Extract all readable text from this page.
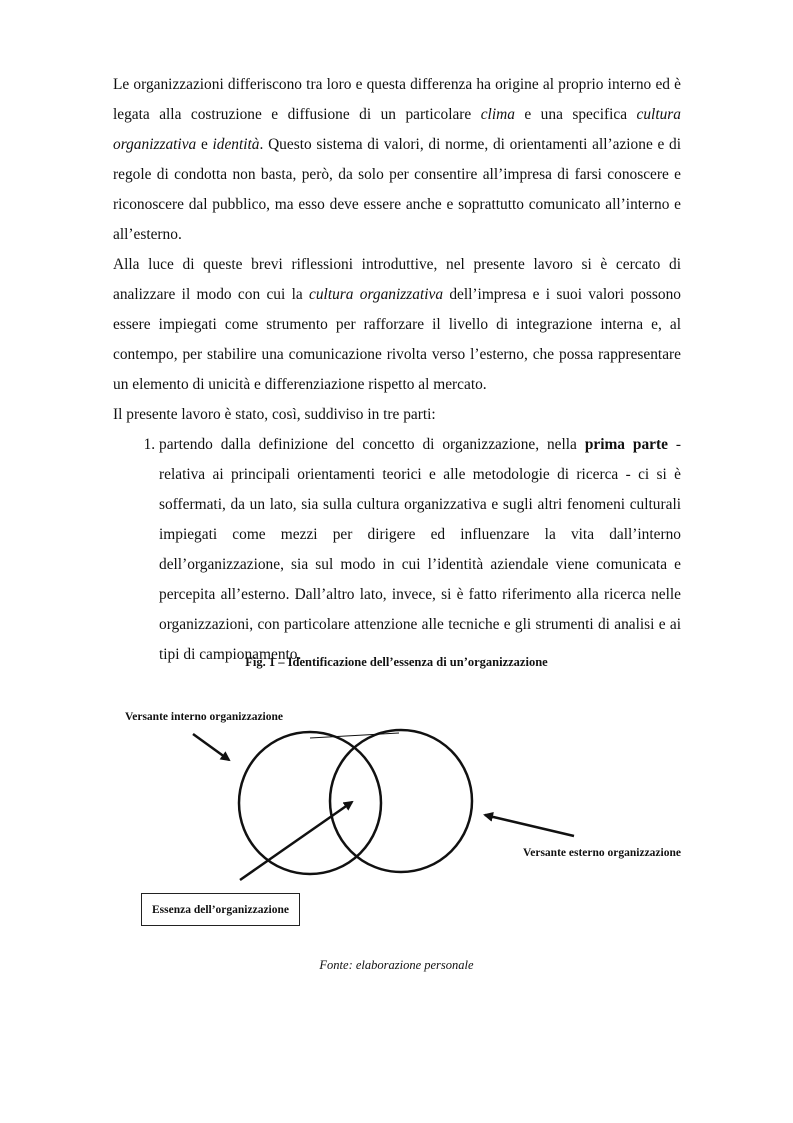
Le organizzazioni differiscono tra loro e questa differenza ha origine al proprio interno ed è legata alla costruzione e diffusione di un particolare clima e una specifica cultura organizzativa e identità. Questo sistema di valori, di norme, di orientamenti all’azione e di regole di condotta non basta, però, da solo per consentire all’impresa di farsi conoscere e riconoscere dal pubblico, ma esso deve essere anche e soprattutto comunicato all’interno e all’esterno.

Alla luce di queste brevi riflessioni introduttive, nel presente lavoro si è cercato di analizzare il modo con cui la cultura organizzativa dell’impresa e i suoi valori possono essere impiegati come strumento per rafforzare il livello di integrazione interna e, al contempo, per stabilire una comunicazione rivolta verso l’esterno, che possa rappresentare un elemento di unicità e differenziazione rispetto al mercato.

Il presente lavoro è stato, così, suddiviso in tre parti:

1. partendo dalla definizione del concetto di organizzazione, nella prima parte - relativa ai principali orientamenti teorici e alle metodologie di ricerca - ci si è soffermati, da un lato, sia sulla cultura organizzativa e sugli altri fenomeni culturali impiegati come mezzi per dirigere ed influenzare la vita dall’interno dell’organizzazione, sia sul modo in cui l’identità aziendale viene comunicata e percepita all’esterno. Dall’altro lato, invece, si è fatto riferimento alla ricerca nelle organizzazioni, con particolare attenzione alle tecniche e gli strumenti di analisi e ai tipi di campionamento.
Fig. 1 – Identificazione dell’essenza di un’organizzazione
Versante interno organizzazione
Versante esterno organizzazione
Essenza dell’organizzazione
Fonte: elaborazione personale
